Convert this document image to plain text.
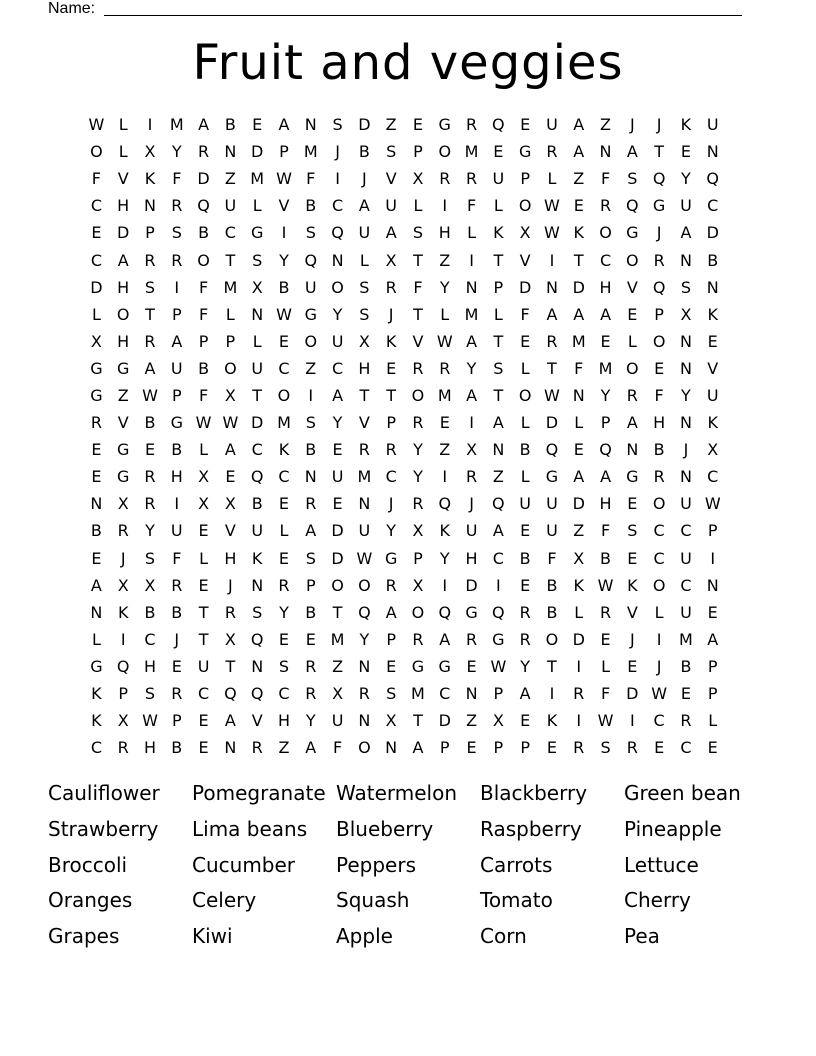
Name:
Fruit and veggies
W L	I	M A B	E	A N S D Z	E G R Q E U A Z	J	J	K U
O	L	X	Y	R N D P M	J	B	S	P O M E G R A N A	T	E N
F	V	K	F	D Z M W F	I	J	V X R R U	P	L	Z	F	S Q Y Q
C H N R Q U	L	V B C A U	L	I	F	L	O W E	R Q G U C
E D P	S	B C G	I	S Q U A	S H	L	K	X W K O G	J	A D
C A R R O T	S	Y Q N	L	X	T	Z	I	T	V	I	T	C O R N B
D H S	I	F M X B U O S	R	F	Y N P D N D H V Q S N
L	O T	P	F	L	N W G Y	S	J	T	L M L	F	A A A	E	P	X	K
X H R A	P	P	L	E O U X	K	V W A	T	E	R M E	L	O N E
G G A U B O U C Z C H E	R R	Y	S	L	T	F M O E N V
G Z W P	F	X	T O	I	A	T	T O M A	T O W N Y	R	F	Y	U
R V B G W W D M S	Y	V	P	R	E	I	A	L	D	L	P	A H N K
E G E	B	L	A C K	B	E	R R	Y	Z X N B Q E Q N B	J	X
E G R H X	E Q C N U M C	Y	I	R Z	L	G A A G R N C
N X R	I	X X B	E	R	E N	J	R Q	J	Q U U D H E O U W
B R	Y	U E	V U	L	A D U	Y	X	K U A	E U Z	F	S	C C	P
E	J	S	F	L	H K	E	S D W G P	Y H C B	F	X B	E	C U	I
A X X R	E	J	N R	P O O R X	I	D	I	E	B	K W K O C N
N K	B B	T	R	S	Y	B	T Q A O Q G Q R B	L	R V	L	U E
L	I	C	J	T	X Q E	E M Y	P	R A R G R O D E	J	I	M A
G Q H E U	T N S	R Z N E G G E W Y	T	I	L	E	J	B	P
K	P	S	R C Q Q C R X R	S M C N P	A	I	R	F	D W E	P
K	X W P	E	A V H Y	U N X	T D Z X	E	K	I	W	I	C R	L
C R H B	E N R Z A	F O N A	P	E	P	P	E	R	S	R	E	C	E
Cauliflower	Pomegranate Watermelon	Blackberry	Green bean
Strawberry	Lima beans	Blueberry	Raspberry	Pineapple
Broccoli	Cucumber	Peppers	Carrots	Lettuce
Oranges	Celery	Squash	Tomato	Cherry
Grapes	Kiwi	Apple	Corn	Pea
